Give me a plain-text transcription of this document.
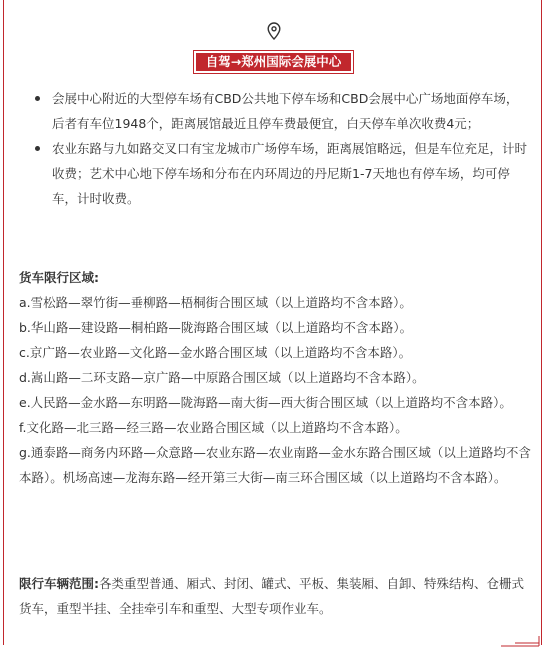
自驾→郑州国际会展中心
会展中心附近的大型停车场有CBD公共地下停车场和CBD会展中心广场地面停车场，后者有车位1948个，距离展馆最近且停车费最便宜，白天停车单次收费4元；
农业东路与九如路交叉口有宝龙城市广场停车场，距离展馆略远，但是车位充足，计时收费；艺术中心地下停车场和分布在内环周边的丹尼斯1-7天地也有停车场，均可停车，计时收费。

货车限行区域:

a.雪松路—翠竹街—垂柳路—梧桐街合围区域（以上道路均不含本路）。

b.华山路—建设路—桐柏路—陇海路合围区域（以上道路均不含本路）。

c.京广路—农业路—文化路—金水路合围区域（以上道路均不含本路）。

d.嵩山路—二环支路—京广路—中原路合围区域（以上道路均不含本路）。

e.人民路—金水路—东明路—陇海路—南大街—西大街合围区域（以上道路均不含本路）。

f.文化路—北三路—经三路—农业路合围区域（以上道路均不含本路）。

g.通泰路—商务内环路—众意路—农业东路—农业南路—金水东路合围区域（以上道路均不含本路）。机场高速—龙海东路—经开第三大街—南三环合围区域（以上道路均不含本路）。

限行车辆范围:各类重型普通、厢式、封闭、罐式、平板、集装厢、自卸、特殊结构、仓栅式货车，重型半挂、全挂牵引车和重型、大型专项作业车。
